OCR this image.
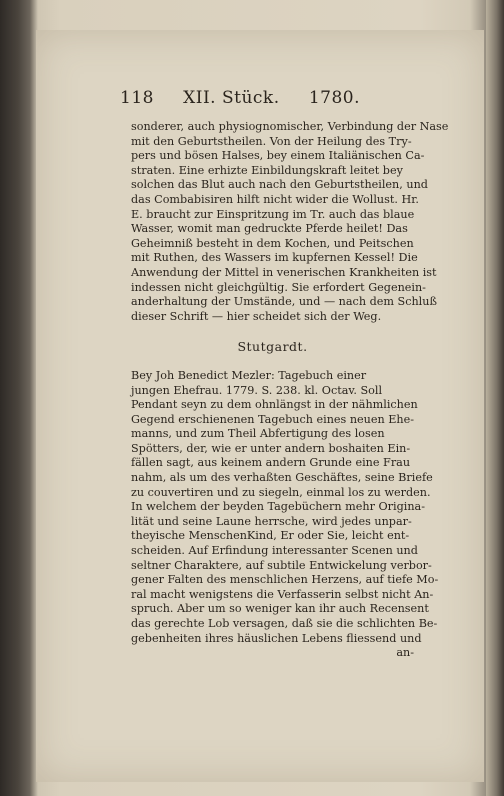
118 XII. Stück. 1780.
sonderer, auch physiognomischer, Verbindung der Nase
mit den Geburtstheilen. Von der Heilung des Try-
pers und bösen Halses, bey einem Italiänischen Ca-
straten. Eine erhizte Einbildungskraft leitet bey
solchen das Blut auch nach den Geburtstheilen, und
das Combabisiren hilft nicht wider die Wollust. Hr.
E. braucht zur Einspritzung im Tr. auch das blaue
Wasser, womit man gedruckte Pferde heilet! Das
Geheimniß besteht in dem Kochen, und Peitschen
mit Ruthen, des Wassers im kupfernen Kessel! Die
Anwendung der Mittel in venerischen Krankheiten ist
indessen nicht gleichgültig. Sie erfordert Gegenein-
anderhaltung der Umstände, und — nach dem Schluß
dieser Schrift — hier scheidet sich der Weg.
Stutgardt.
Bey Joh Benedict Mezler: Tagebuch einer
jungen Ehefrau. 1779. S. 238. kl. Octav. Soll
Pendant seyn zu dem ohnlängst in der nähmlichen
Gegend erschienenen Tagebuch eines neuen Ehe-
manns, und zum Theil Abfertigung des losen
Spötters, der, wie er unter andern boshaiten Ein-
fällen sagt, aus keinem andern Grunde eine Frau
nahm, als um des verhaßten Geschäftes, seine Briefe
zu couvertiren und zu siegeln, einmal los zu werden.
In welchem der beyden Tagebüchern mehr Origina-
lität und seine Laune herrsche, wird jedes unpar-
theyische MenschenKind, Er oder Sie, leicht ent-
scheiden. Auf Erfindung interessanter Scenen und
seltner Charaktere, auf subtile Entwickelung verbor-
gener Falten des menschlichen Herzens, auf tiefe Mo-
ral macht wenigstens die Verfasserin selbst nicht An-
spruch. Aber um so weniger kan ihr auch Recensent
das gerechte Lob versagen, daß sie die schlichten Be-
gebenheiten ihres häuslichen Lebens fliessend und
an-
